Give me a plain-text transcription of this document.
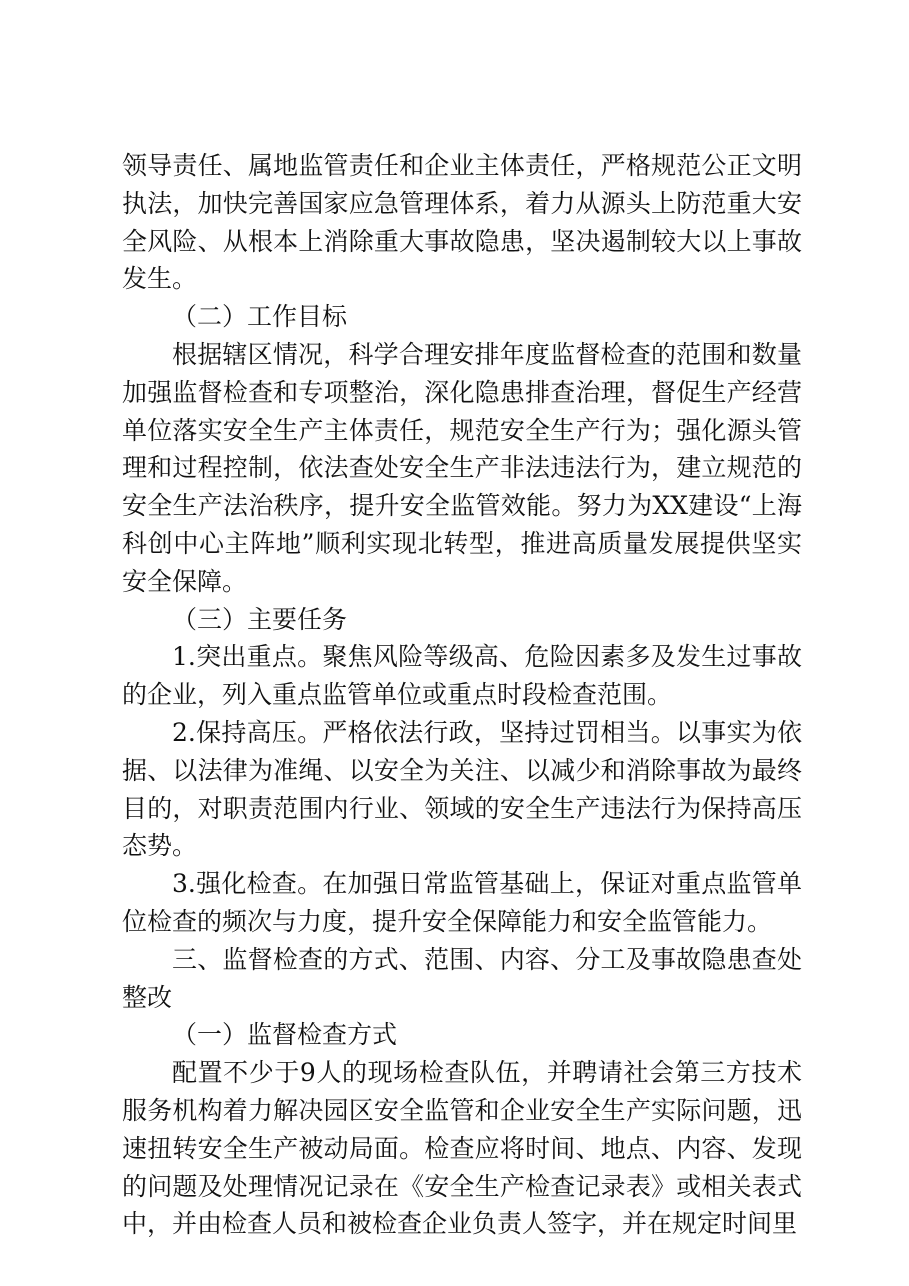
领导责任、属地监管责任和企业主体责任，严格规范公正文明
执法，加快完善国家应急管理体系，着力从源头上防范重大安
全风险、从根本上消除重大事故隐患，坚决遏制较大以上事故
发生。
（二）工作目标
根据辖区情况，科学合理安排年度监督检查的范围和数量
加强监督检查和专项整治，深化隐患排查治理，督促生产经营
单位落实安全生产主体责任，规范安全生产行为；强化源头管
理和过程控制，依法查处安全生产非法违法行为，建立规范的
安全生产法治秩序，提升安全监管效能。努力为XX建设“上海
科创中心主阵地”顺利实现北转型，推进高质量发展提供坚实
安全保障。
（三）主要任务
1.突出重点。聚焦风险等级高、危险因素多及发生过事故
的企业，列入重点监管单位或重点时段检查范围。
2.保持高压。严格依法行政，坚持过罚相当。以事实为依
据、以法律为准绳、以安全为关注、以减少和消除事故为最终
目的，对职责范围内行业、领域的安全生产违法行为保持高压
态势。
3.强化检查。在加强日常监管基础上，保证对重点监管单
位检查的频次与力度，提升安全保障能力和安全监管能力。
三、监督检查的方式、范围、内容、分工及事故隐患查处
整改
（一）监督检查方式
配置不少于9人的现场检查队伍，并聘请社会第三方技术
服务机构着力解决园区安全监管和企业安全生产实际问题，迅
速扭转安全生产被动局面。检查应将时间、地点、内容、发现
的问题及处理情况记录在《安全生产检查记录表》或相关表式
中，并由检查人员和被检查企业负责人签字，并在规定时间里
